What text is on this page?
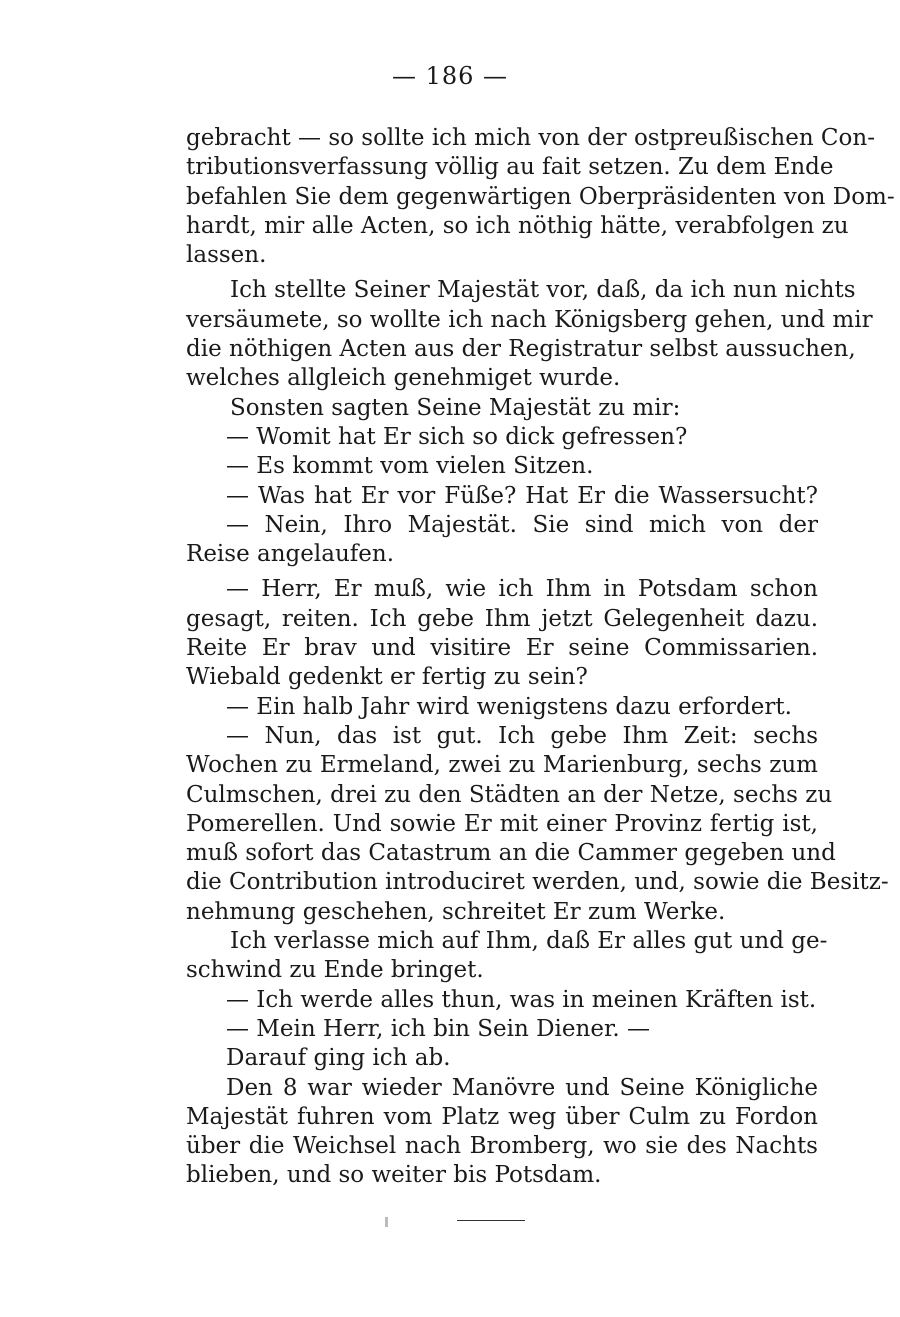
— 186 —
gebracht — so sollte ich mich von der ostpreußischen Con-
tributionsverfassung völlig au fait setzen. Zu dem Ende
befahlen Sie dem gegenwärtigen Oberpräsidenten von Dom-
hardt, mir alle Acten, so ich nöthig hätte, verabfolgen zu
lassen.
Ich stellte Seiner Majestät vor, daß, da ich nun nichts
versäumete, so wollte ich nach Königsberg gehen, und mir
die nöthigen Acten aus der Registratur selbst aussuchen,
welches allgleich genehmiget wurde.
Sonsten sagten Seine Majestät zu mir:
— Womit hat Er sich so dick gefressen?
— Es kommt vom vielen Sitzen.
— Was hat Er vor Füße? Hat Er die Wassersucht?
— Nein, Ihro Majestät. Sie sind mich von der
Reise angelaufen.
— Herr, Er muß, wie ich Ihm in Potsdam schon
gesagt, reiten. Ich gebe Ihm jetzt Gelegenheit dazu.
Reite Er brav und visitire Er seine Commissarien.
Wiebald gedenkt er fertig zu sein?
— Ein halb Jahr wird wenigstens dazu erfordert.
— Nun, das ist gut. Ich gebe Ihm Zeit: sechs
Wochen zu Ermeland, zwei zu Marienburg, sechs zum
Culmschen, drei zu den Städten an der Netze, sechs zu
Pomerellen. Und sowie Er mit einer Provinz fertig ist,
muß sofort das Catastrum an die Cammer gegeben und
die Contribution introduciret werden, und, sowie die Besitz-
nehmung geschehen, schreitet Er zum Werke.
Ich verlasse mich auf Ihm, daß Er alles gut und ge-
schwind zu Ende bringet.
— Ich werde alles thun, was in meinen Kräften ist.
— Mein Herr, ich bin Sein Diener. —
Darauf ging ich ab.
Den 8 war wieder Manövre und Seine Königliche
Majestät fuhren vom Platz weg über Culm zu Fordon
über die Weichsel nach Bromberg, wo sie des Nachts
blieben, und so weiter bis Potsdam.
